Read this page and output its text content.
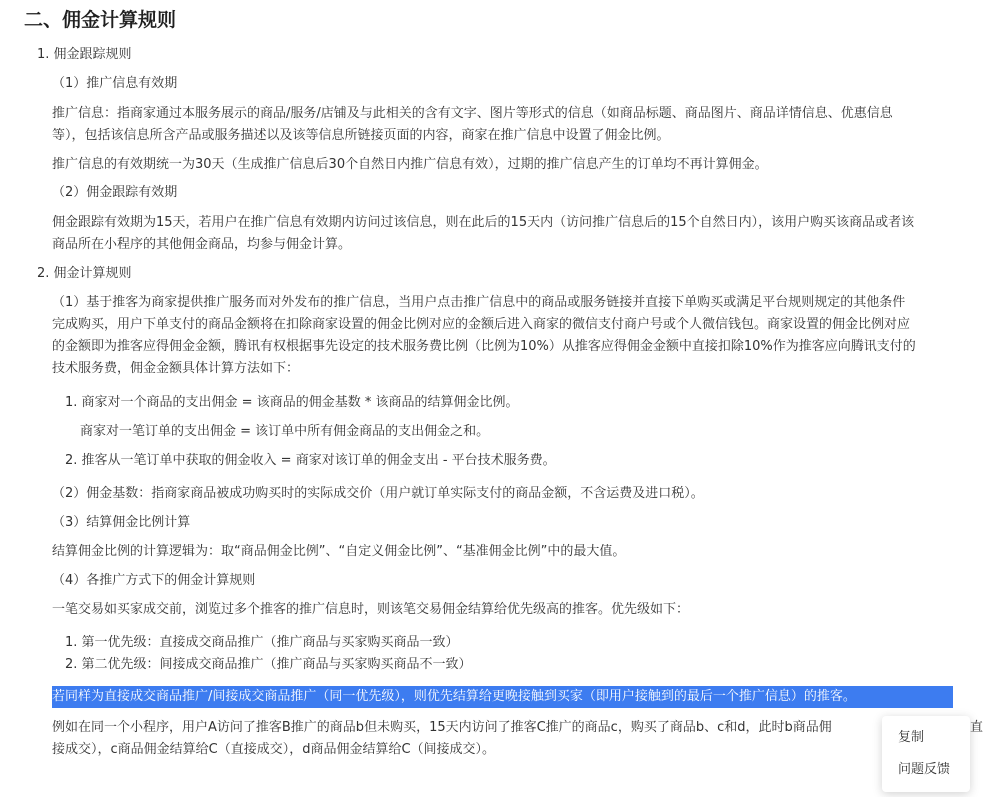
二、佣金计算规则
1. 佣金跟踪规则
（1）推广信息有效期
推广信息：指商家通过本服务展示的商品/服务/店铺及与此相关的含有文字、图片等形式的信息（如商品标题、商品图片、商品详情信息、优惠信息
等），包括该信息所含产品或服务描述以及该等信息所链接页面的内容，商家在推广信息中设置了佣金比例。
推广信息的有效期统一为30天（生成推广信息后30个自然日内推广信息有效），过期的推广信息产生的订单均不再计算佣金。
（2）佣金跟踪有效期
佣金跟踪有效期为15天，若用户在推广信息有效期内访问过该信息，则在此后的15天内（访问推广信息后的15个自然日内），该用户购买该商品或者该
商品所在小程序的其他佣金商品，均参与佣金计算。
2. 佣金计算规则
（1）基于推客为商家提供推广服务而对外发布的推广信息，当用户点击推广信息中的商品或服务链接并直接下单购买或满足平台规则规定的其他条件
完成购买，用户下单支付的商品金额将在扣除商家设置的佣金比例对应的金额后进入商家的微信支付商户号或个人微信钱包。商家设置的佣金比例对应
的金额即为推客应得佣金金额，腾讯有权根据事先设定的技术服务费比例（比例为10%）从推客应得佣金金额中直接扣除10%作为推客应向腾讯支付的
技术服务费，佣金金额具体计算方法如下：
1. 商家对一个商品的支出佣金 = 该商品的佣金基数 * 该商品的结算佣金比例。
商家对一笔订单的支出佣金 = 该订单中所有佣金商品的支出佣金之和。
2. 推客从一笔订单中获取的佣金收入 = 商家对该订单的佣金支出 - 平台技术服务费。
（2）佣金基数：指商家商品被成功购买时的实际成交价（用户就订单实际支付的商品金额，不含运费及进口税）。
（3）结算佣金比例计算
结算佣金比例的计算逻辑为：取“商品佣金比例”、“自定义佣金比例”、“基准佣金比例”中的最大值。
（4）各推广方式下的佣金计算规则
一笔交易如买家成交前，浏览过多个推客的推广信息时，则该笔交易佣金结算给优先级高的推客。优先级如下：
1. 第一优先级：直接成交商品推广（推广商品与买家购买商品一致）
2. 第二优先级：间接成交商品推广（推广商品与买家购买商品不一致）
若同样为直接成交商品推广/间接成交商品推广（同一优先级），则优先结算给更晚接触到买家（即用户接触到的最后一个推广信息）的推客。
例如在同一个小程序，用户A访问了推客B推广的商品b但未购买，15天内访问了推客C推广的商品c，购买了商品b、c和d，此时b商品佣	直
接成交），c商品佣金结算给C（直接成交），d商品佣金结算给C（间接成交）。
复制
问题反馈
